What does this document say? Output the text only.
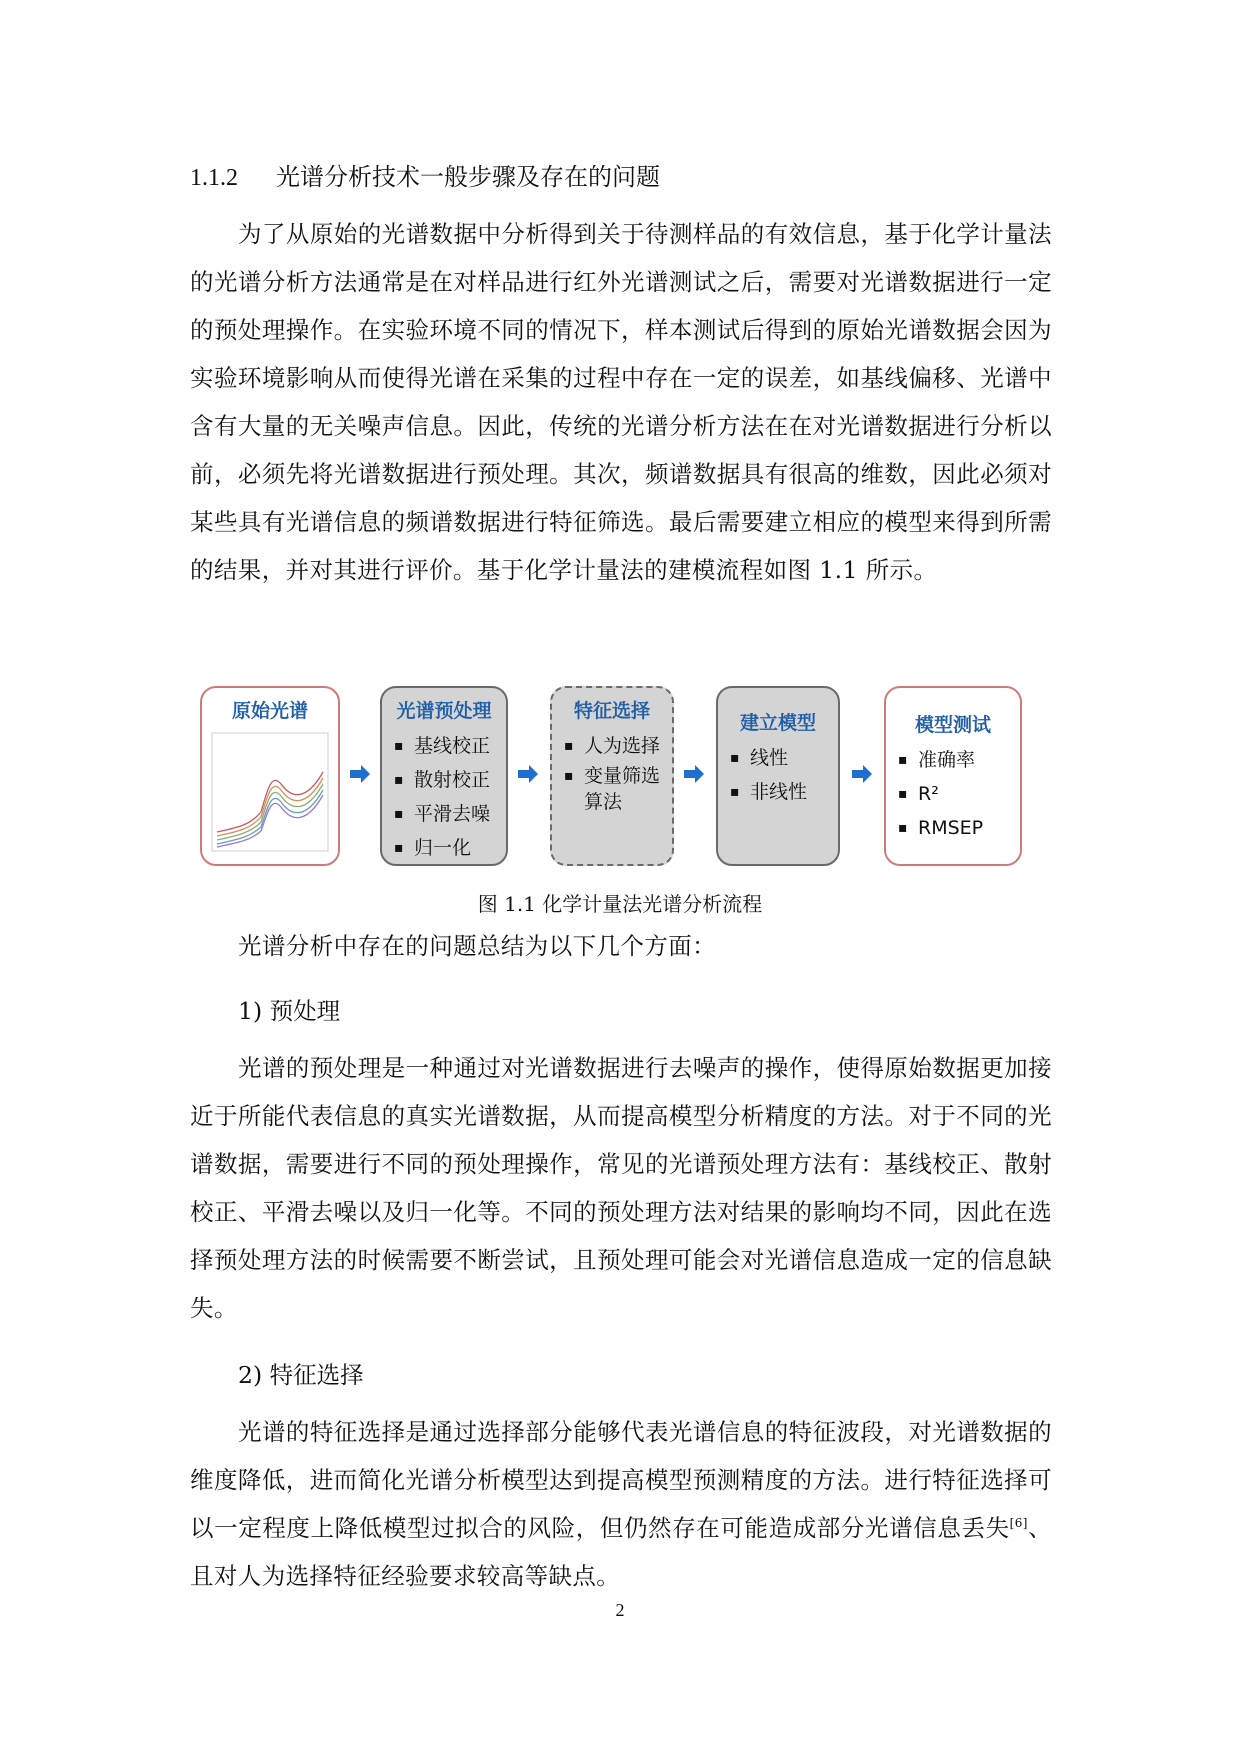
1.1.2 光谱分析技术一般步骤及存在的问题

为了从原始的光谱数据中分析得到关于待测样品的有效信息，基于化学计量法的光谱分析方法通常是在对样品进行红外光谱测试之后，需要对光谱数据进行一定的预处理操作。在实验环境不同的情况下，样本测试后得到的原始光谱数据会因为实验环境影响从而使得光谱在采集的过程中存在一定的误差，如基线偏移、光谱中含有大量的无关噪声信息。因此，传统的光谱分析方法在在对光谱数据进行分析以前，必须先将光谱数据进行预处理。其次，频谱数据具有很高的维数，因此必须对某些具有光谱信息的频谱数据进行特征筛选。最后需要建立相应的模型来得到所需的结果，并对其进行评价。基于化学计量法的建模流程如图 1.1 所示。

原始光谱	光谱预处理
▪ 基线校正
▪ 散射校正
▪ 平滑去噪
▪ 归一化
特征选择
▪ 人为选择
▪ 变量筛选算法
建立模型
▪ 线性
▪ 非线性
模型测试
▪ 准确率
▪ R²
▪ RMSEP
图 1.1 化学计量法光谱分析流程

光谱分析中存在的问题总结为以下几个方面：

1) 预处理

光谱的预处理是一种通过对光谱数据进行去噪声的操作，使得原始数据更加接近于所能代表信息的真实光谱数据，从而提高模型分析精度的方法。对于不同的光谱数据，需要进行不同的预处理操作，常见的光谱预处理方法有：基线校正、散射校正、平滑去噪以及归一化等。不同的预处理方法对结果的影响均不同，因此在选择预处理方法的时候需要不断尝试，且预处理可能会对光谱信息造成一定的信息缺失。

2) 特征选择

光谱的特征选择是通过选择部分能够代表光谱信息的特征波段，对光谱数据的维度降低，进而简化光谱分析模型达到提高模型预测精度的方法。进行特征选择可以一定程度上降低模型过拟合的风险，但仍然存在可能造成部分光谱信息丢失[6]、且对人为选择特征经验要求较高等缺点。

2
